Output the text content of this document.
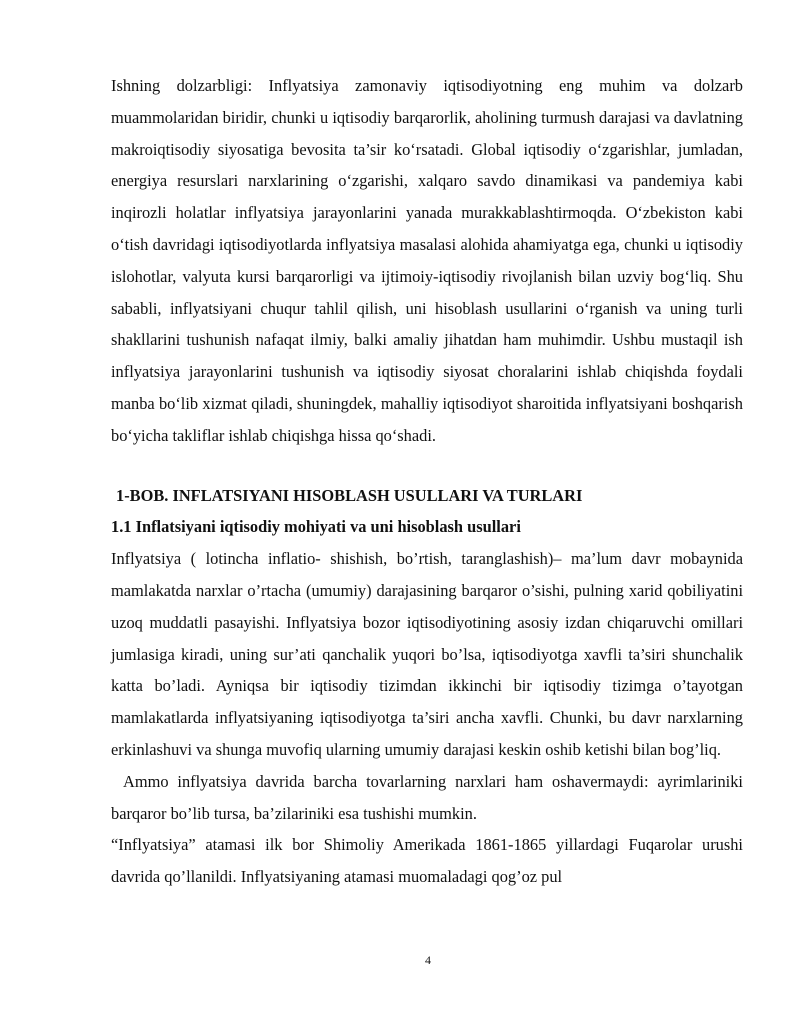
Ishning dolzarbligi: Inflyatsiya zamonaviy iqtisodiyotning eng muhim va dolzarb muammolaridan biridir, chunki u iqtisodiy barqarorlik, aholining turmush darajasi va davlatning makroiqtisodiy siyosatiga bevosita ta’sir ko‘rsatadi. Global iqtisodiy o‘zgarishlar, jumladan, energiya resurslari narxlarining o‘zgarishi, xalqaro savdo dinamikasi va pandemiya kabi inqirozli holatlar inflyatsiya jarayonlarini yanada murakkablashtirmoqda. O‘zbekiston kabi o‘tish davridagi iqtisodiyotlarda inflyatsiya masalasi alohida ahamiyatga ega, chunki u iqtisodiy islohotlar, valyuta kursi barqarorligi va ijtimoiy-iqtisodiy rivojlanish bilan uzviy bog‘liq. Shu sababli, inflyatsiyani chuqur tahlil qilish, uni hisoblash usullarini o‘rganish va uning turli shakllarini tushunish nafaqat ilmiy, balki amaliy jihatdan ham muhimdir. Ushbu mustaqil ish inflyatsiya jarayonlarini tushunish va iqtisodiy siyosat choralarini ishlab chiqishda foydali manba bo‘lib xizmat qiladi, shuningdek, mahalliy iqtisodiyot sharoitida inflyatsiyani boshqarish bo‘yicha takliflar ishlab chiqishga hissa qo‘shadi.

1-BOB. INFLATSIYANI HISOBLASH USULLARI VA TURLARI

1.1 Inflatsiyani iqtisodiy mohiyati va uni hisoblash usullari

Inflyatsiya ( lotincha inflatio- shishish, bo’rtish, taranglashish)– ma’lum davr mobaynida mamlakatda narxlar o’rtacha (umumiy) darajasining barqaror o’sishi, pulning xarid qobiliyatini uzoq muddatli pasayishi. Inflyatsiya bozor iqtisodiyotining asosiy izdan chiqaruvchi omillari jumlasiga kiradi, uning sur’ati qanchalik yuqori bo’lsa, iqtisodiyotga xavfli ta’siri shunchalik katta bo’ladi. Ayniqsa bir iqtisodiy tizimdan ikkinchi bir iqtisodiy tizimga o’tayotgan mamlakatlarda inflyatsiyaning iqtisodiyotga ta’siri ancha xavfli. Chunki, bu davr narxlarning erkinlashuvi va shunga muvofiq ularning umumiy darajasi keskin oshib ketishi bilan bog’liq.

Ammo inflyatsiya davrida barcha tovarlarning narxlari ham oshavermaydi: ayrimlariniki barqaror bo’lib tursa, ba’zilariniki esa tushishi mumkin.

“Inflyatsiya” atamasi ilk bor Shimoliy Amerikada 1861-1865 yillardagi Fuqarolar urushi davrida qo’llanildi. Inflyatsiyaning atamasi muomaladagi qog’oz pul

4
